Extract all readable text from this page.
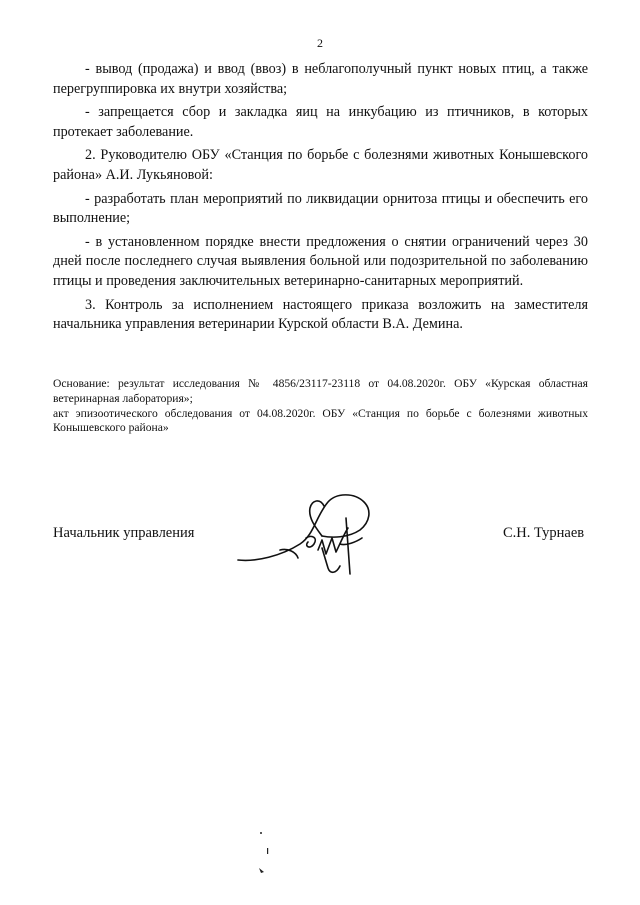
2

- вывод (продажа) и ввод (ввоз) в неблагополучный пункт новых птиц, а также перегруппировка их внутри хозяйства;

- запрещается сбор и закладка яиц на инкубацию из птичников, в которых протекает заболевание.

2. Руководителю ОБУ «Станция по борьбе с болезнями животных Конышевского района» А.И. Лукьяновой:

- разработать план мероприятий по ликвидации орнитоза птицы и обеспечить его выполнение;

- в установленном порядке внести предложения о снятии ограничений через 30 дней после последнего случая выявления больной или подозрительной по заболеванию птицы и проведения заключительных ветеринарно-санитарных мероприятий.

3. Контроль за исполнением настоящего приказа возложить на заместителя начальника управления ветеринарии Курской области В.А. Демина.

Основание: результат исследования № 4856/23117-23118 от 04.08.2020г. ОБУ «Курская областная ветеринарная лаборатория»;

акт эпизоотического обследования от 04.08.2020г. ОБУ «Станция по борьбе с болезнями животных Конышевского района»

Начальник управления	С.Н. Турнаев
